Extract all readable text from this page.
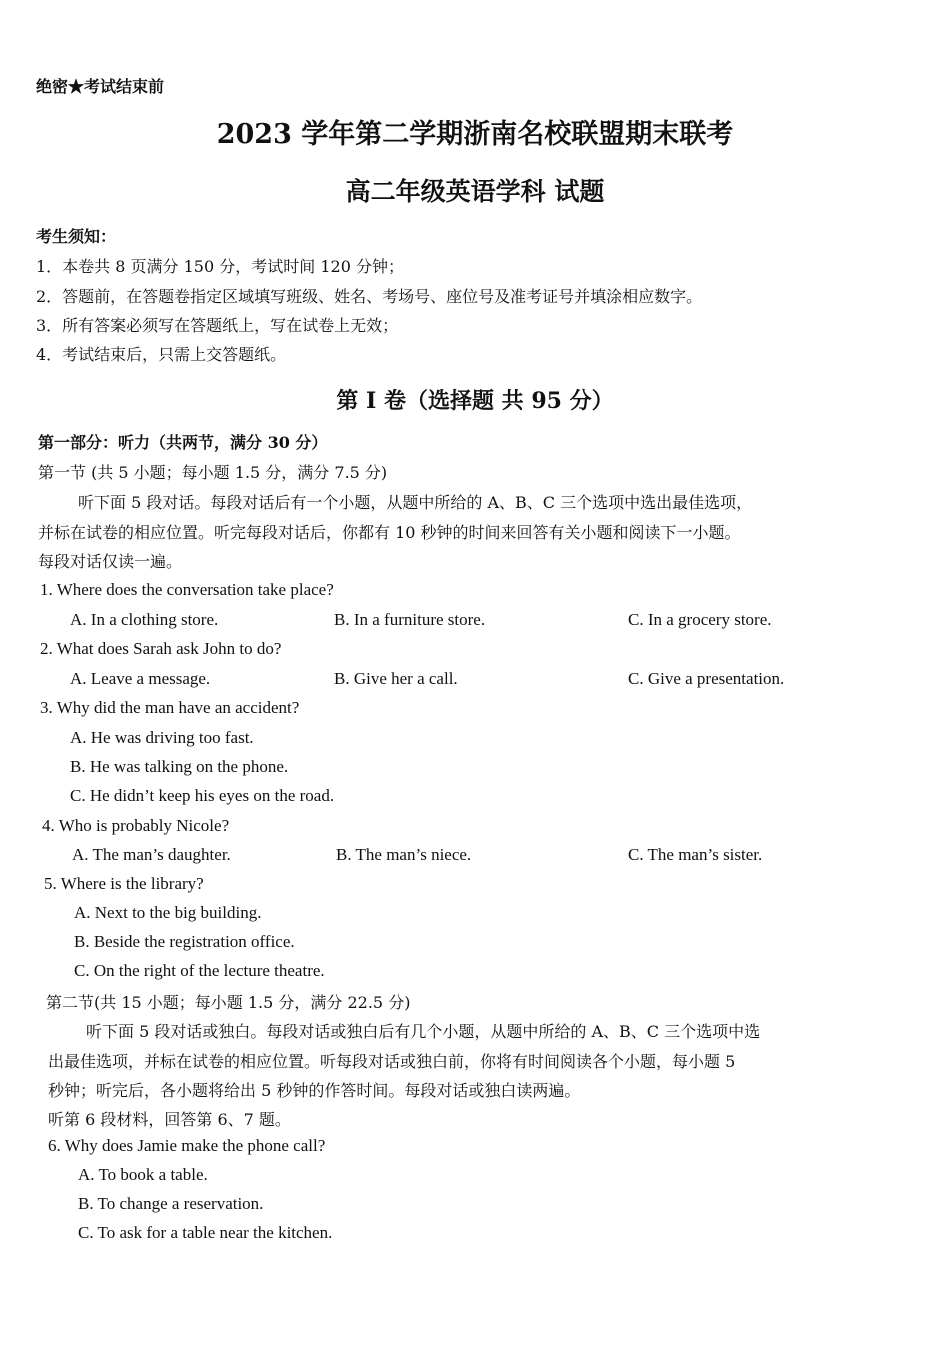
绝密★考试结束前
2023 学年第二学期浙南名校联盟期末联考
高二年级英语学科 试题
考生须知：
1．本卷共 8 页满分 150 分，考试时间 120 分钟；
2．答题前，在答题卷指定区域填写班级、姓名、考场号、座位号及准考证号并填涂相应数字。
3．所有答案必须写在答题纸上，写在试卷上无效；
4．考试结束后，只需上交答题纸。
第 I 卷（选择题 共 95 分）
第一部分：听力（共两节，满分 30 分）
第一节 (共 5 小题；每小题 1.5 分，满分 7.5 分)
听下面 5 段对话。每段对话后有一个小题，从题中所给的 A、B、C 三个选项中选出最佳选项，
并标在试卷的相应位置。听完每段对话后，你都有 10 秒钟的时间来回答有关小题和阅读下一小题。
每段对话仅读一遍。
1. Where does the conversation take place?
A. In a clothing store.	B. In a furniture store.	C. In a grocery store.
2. What does Sarah ask John to do?
A. Leave a message.	B. Give her a call.	C. Give a presentation.
3. Why did the man have an accident?
A. He was driving too fast.
B. He was talking on the phone.
C. He didn’t keep his eyes on the road.
4. Who is probably Nicole?
A. The man’s daughter.	B. The man’s niece.	C. The man’s sister.
5. Where is the library?
A. Next to the big building.
B. Beside the registration office.
C. On the right of the lecture theatre.
第二节(共 15 小题；每小题 1.5 分，满分 22.5 分)
听下面 5 段对话或独白。每段对话或独白后有几个小题，从题中所给的 A、B、C 三个选项中选
出最佳选项，并标在试卷的相应位置。听每段对话或独白前，你将有时间阅读各个小题，每小题 5
秒钟；听完后，各小题将给出 5 秒钟的作答时间。每段对话或独白读两遍。
听第 6 段材料，回答第 6、7 题。
6. Why does Jamie make the phone call?
A. To book a table.
B. To change a reservation.
C. To ask for a table near the kitchen.
